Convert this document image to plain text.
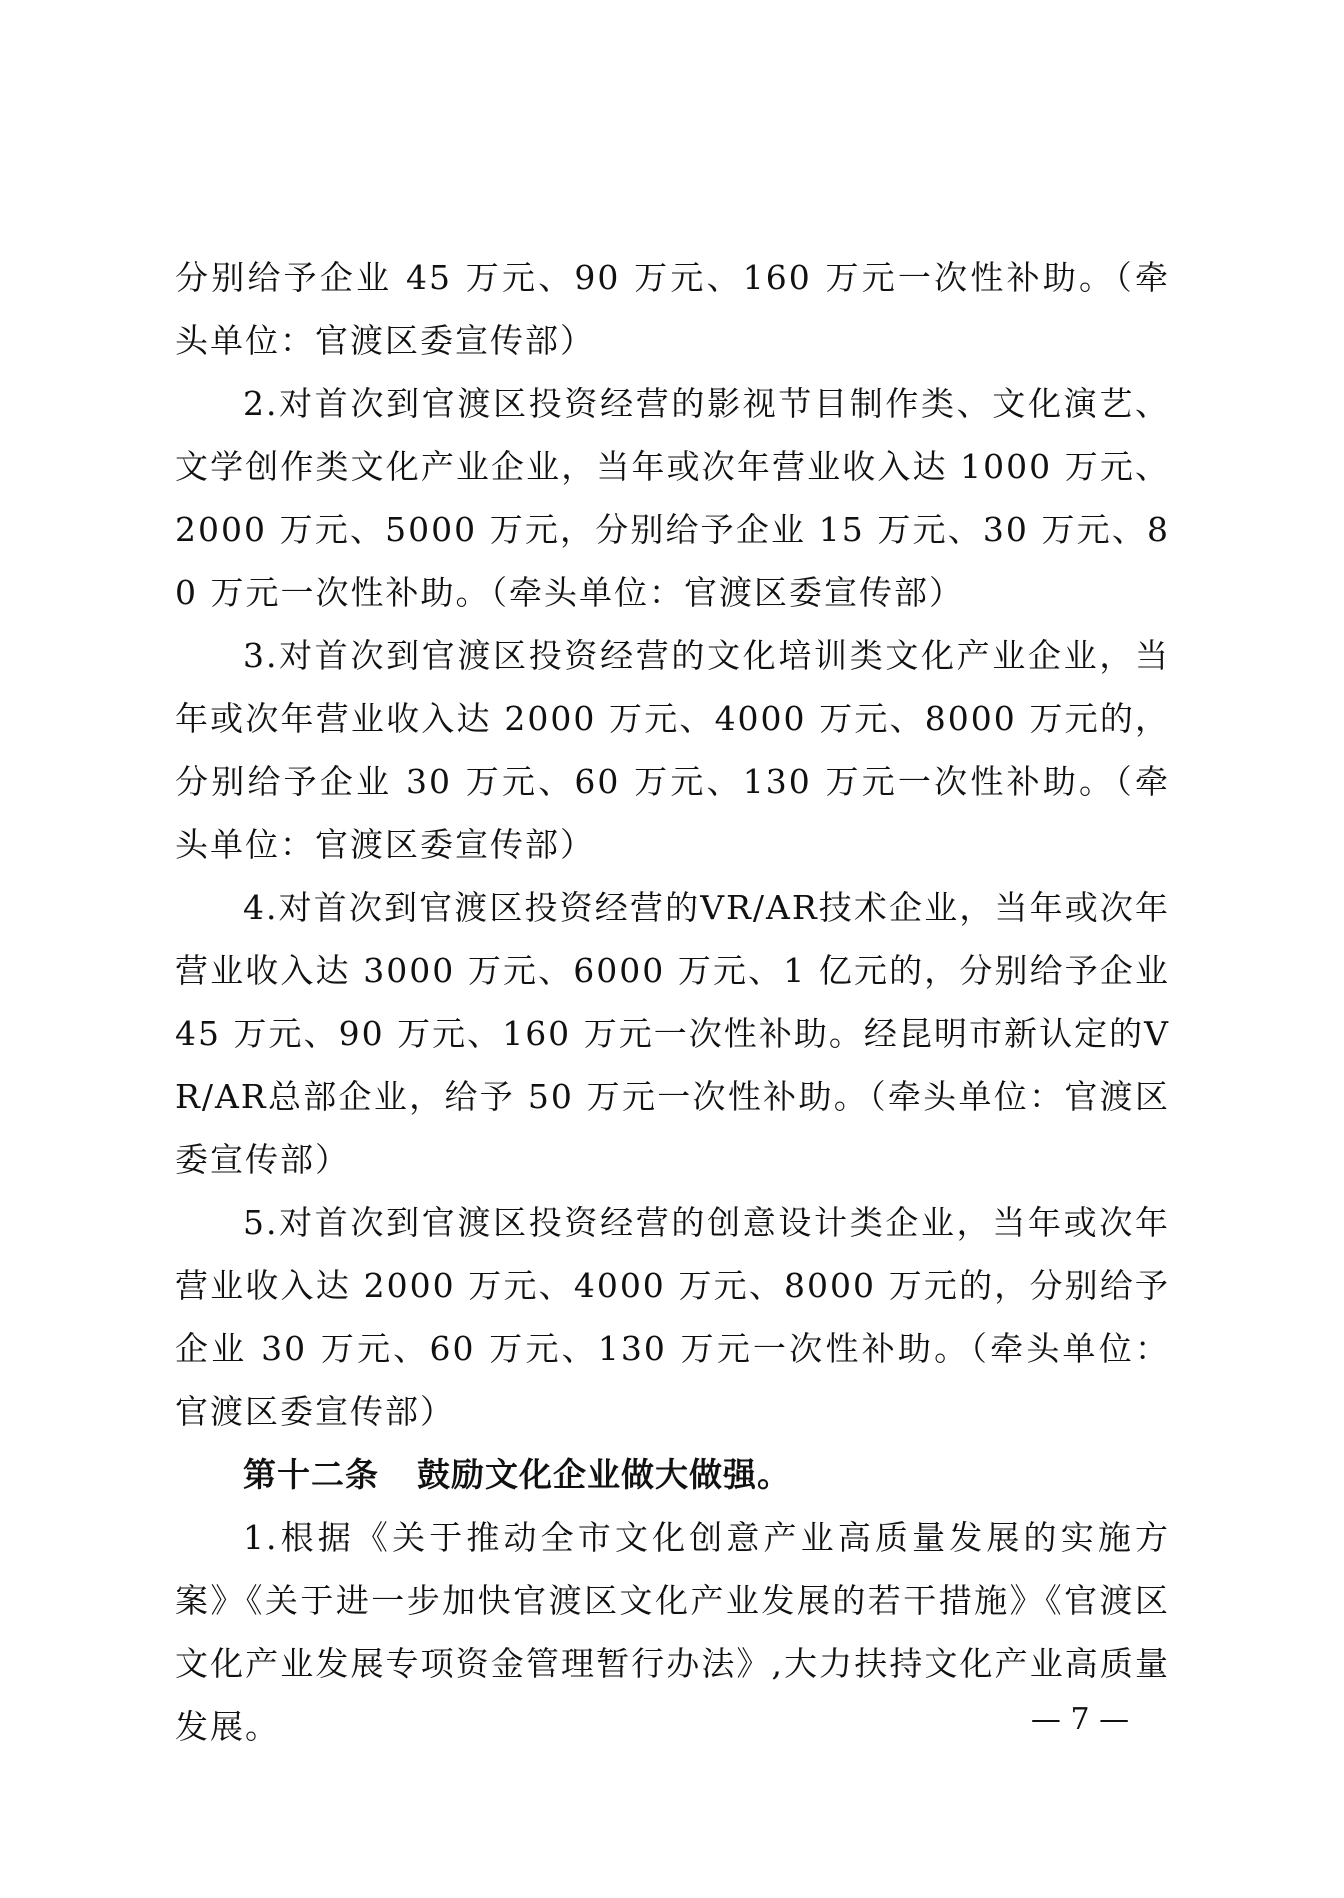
分别给予企业 45 万元、90 万元、160 万元一次性补助。（牵头单位：官渡区委宣传部）

2.对首次到官渡区投资经营的影视节目制作类、文化演艺、文学创作类文化产业企业，当年或次年营业收入达 1000 万元、2000 万元、5000 万元，分别给予企业 15 万元、30 万元、80 万元一次性补助。（牵头单位：官渡区委宣传部）

3.对首次到官渡区投资经营的文化培训类文化产业企业，当年或次年营业收入达 2000 万元、4000 万元、8000 万元的，分别给予企业 30 万元、60 万元、130 万元一次性补助。（牵头单位：官渡区委宣传部）

4.对首次到官渡区投资经营的VR/AR技术企业，当年或次年营业收入达 3000 万元、6000 万元、1 亿元的，分别给予企业 45 万元、90 万元、160 万元一次性补助。经昆明市新认定的VR/AR总部企业，给予 50 万元一次性补助。（牵头单位：官渡区委宣传部）

5.对首次到官渡区投资经营的创意设计类企业，当年或次年营业收入达 2000 万元、4000 万元、8000 万元的，分别给予企业 30 万元、60 万元、130 万元一次性补助。（牵头单位：官渡区委宣传部）

第十二条 鼓励文化企业做大做强。

1.根据《关于推动全市文化创意产业高质量发展的实施方案》《关于进一步加快官渡区文化产业发展的若干措施》《官渡区文化产业发展专项资金管理暂行办法》,大力扶持文化产业高质量发展。	— 7 —
